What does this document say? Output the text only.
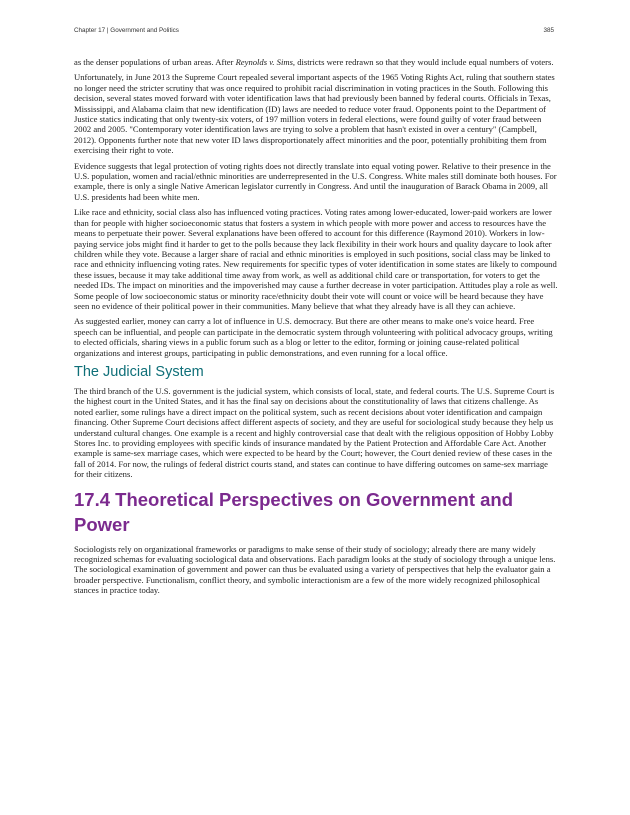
Chapter 17 | Government and Politics	385

as the denser populations of urban areas. After Reynolds v. Sims, districts were redrawn so that they would include equal numbers of voters.

Unfortunately, in June 2013 the Supreme Court repealed several important aspects of the 1965 Voting Rights Act, ruling that southern states no longer need the stricter scrutiny that was once required to prohibit racial discrimination in voting practices in the South. Following this decision, several states moved forward with voter identification laws that had previously been banned by federal courts. Officials in Texas, Mississippi, and Alabama claim that new identification (ID) laws are needed to reduce voter fraud. Opponents point to the Department of Justice statics indicating that only twenty-six voters, of 197 million voters in federal elections, were found guilty of voter fraud between 2002 and 2005. "Contemporary voter identification laws are trying to solve a problem that hasn't existed in over a century" (Campbell, 2012). Opponents further note that new voter ID laws disproportionately affect minorities and the poor, potentially prohibiting them from exercising their right to vote.

Evidence suggests that legal protection of voting rights does not directly translate into equal voting power. Relative to their presence in the U.S. population, women and racial/ethnic minorities are underrepresented in the U.S. Congress. White males still dominate both houses. For example, there is only a single Native American legislator currently in Congress. And until the inauguration of Barack Obama in 2009, all U.S. presidents had been white men.

Like race and ethnicity, social class also has influenced voting practices. Voting rates among lower-educated, lower-paid workers are lower than for people with higher socioeconomic status that fosters a system in which people with more power and access to resources have the means to perpetuate their power. Several explanations have been offered to account for this difference (Raymond 2010). Workers in low-paying service jobs might find it harder to get to the polls because they lack flexibility in their work hours and quality daycare to look after children while they vote. Because a larger share of racial and ethnic minorities is employed in such positions, social class may be linked to race and ethnicity influencing voting rates. New requirements for specific types of voter identification in some states are likely to compound these issues, because it may take additional time away from work, as well as additional child care or transportation, for voters to get the needed IDs. The impact on minorities and the impoverished may cause a further decrease in voter participation. Attitudes play a role as well. Some people of low socioeconomic status or minority race/ethnicity doubt their vote will count or voice will be heard because they have seen no evidence of their political power in their communities. Many believe that what they already have is all they can achieve.

As suggested earlier, money can carry a lot of influence in U.S. democracy. But there are other means to make one's voice heard. Free speech can be influential, and people can participate in the democratic system through volunteering with political advocacy groups, writing to elected officials, sharing views in a public forum such as a blog or letter to the editor, forming or joining cause-related political organizations and interest groups, participating in public demonstrations, and even running for a local office.

The Judicial System

The third branch of the U.S. government is the judicial system, which consists of local, state, and federal courts. The U.S. Supreme Court is the highest court in the United States, and it has the final say on decisions about the constitutionality of laws that citizens challenge. As noted earlier, some rulings have a direct impact on the political system, such as recent decisions about voter identification and campaign financing. Other Supreme Court decisions affect different aspects of society, and they are useful for sociological study because they help us understand cultural changes. One example is a recent and highly controversial case that dealt with the religious opposition of Hobby Lobby Stores Inc. to providing employees with specific kinds of insurance mandated by the Patient Protection and Affordable Care Act. Another example is same-sex marriage cases, which were expected to be heard by the Court; however, the Court denied review of these cases in the fall of 2014. For now, the rulings of federal district courts stand, and states can continue to have differing outcomes on same-sex marriage for their citizens.

17.4 Theoretical Perspectives on Government and Power

Sociologists rely on organizational frameworks or paradigms to make sense of their study of sociology; already there are many widely recognized schemas for evaluating sociological data and observations. Each paradigm looks at the study of sociology through a unique lens. The sociological examination of government and power can thus be evaluated using a variety of perspectives that help the evaluator gain a broader perspective. Functionalism, conflict theory, and symbolic interactionism are a few of the more widely recognized philosophical stances in practice today.
